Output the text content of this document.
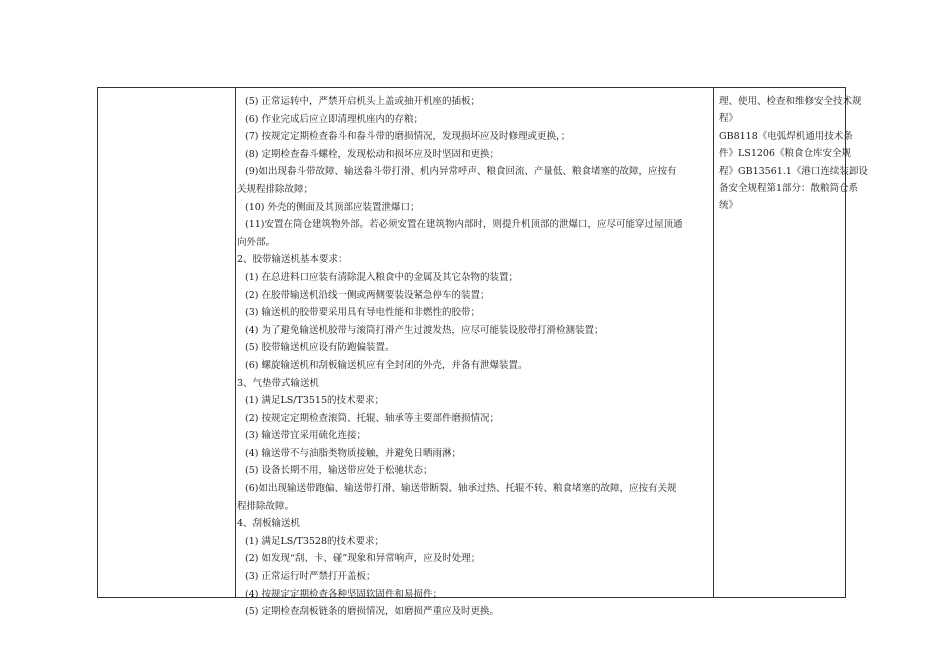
(5) 正常运转中，严禁开启机头上盖或抽开机座的插板；
(6) 作业完成后应立即清理机座内的存粮；
(7) 按规定定期检查畚斗和畚斗带的磨损情况，发现损坏应及时修理或更换，；
(8) 定期检查畚斗螺栓，发现松动和损坏应及时坚固和更换；
(9)如出现畚斗带故障、输送畚斗带打滑、机内异常呼声、粮食回流、产量低、粮食堵塞的故障，应按有
关规程排除故障；
(10) 外壳的侧面及其顶部应装置泄爆口；
(11)安置在筒仓建筑物外部。若必须安置在建筑物内部时，则提升机顶部的泄爆口，应尽可能穿过屋顶通
向外部。
2、胶带输送机基本要求：
(1) 在总进料口应装有清除混入粮食中的金属及其它杂物的装置；
(2) 在胶带输送机沿线一侧或两侧要装设紧急停车的装置；
(3) 输送机的胶带要采用具有导电性能和非燃性的胶带；
(4) 为了避免输送机胶带与滚筒打滑产生过渡发热，应尽可能装设胶带打滑检测装置；
(5) 胶带输送机应设有防跑偏装置。
(6) 螺旋输送机和刮板输送机应有全封闭的外壳，并备有泄爆装置。
3、气垫带式输送机
(1) 满足LS/T3515的技术要求；
(2) 按规定定期检查滚筒、托辊、轴承等主要部件磨损情况；
(3) 输送带宜采用硫化连接；
(4) 输送带不与油脂类物质接触，并避免日晒雨淋；
(5) 设备长期不用，输送带应处于松驰状态；
(6)如出现输送带跑偏、输送带打滑、输送带断裂、轴承过热、托辊不转、粮食堵塞的故障，应按有关规
程排除故障。
4、刮板输送机
(1) 满足LS/T3528的技术要求；
(2) 如发现“刮、卡、碰”现象和异常响声，应及时处理；
(3) 正常运行时严禁打开盖板；
(4) 按规定定期检查各种坚固软固件和易损件；
(5) 定期检查刮板链条的磨损情况，如磨损严重应及时更换。
理、使用、检查和维修安全技术规
程》
GB8118《电弧焊机通用技术条
件》LS1206《粮食仓库安全规
程》GB13561.1《港口连续装卸设
备安全规程第1部分：散粮筒仓系
统》
